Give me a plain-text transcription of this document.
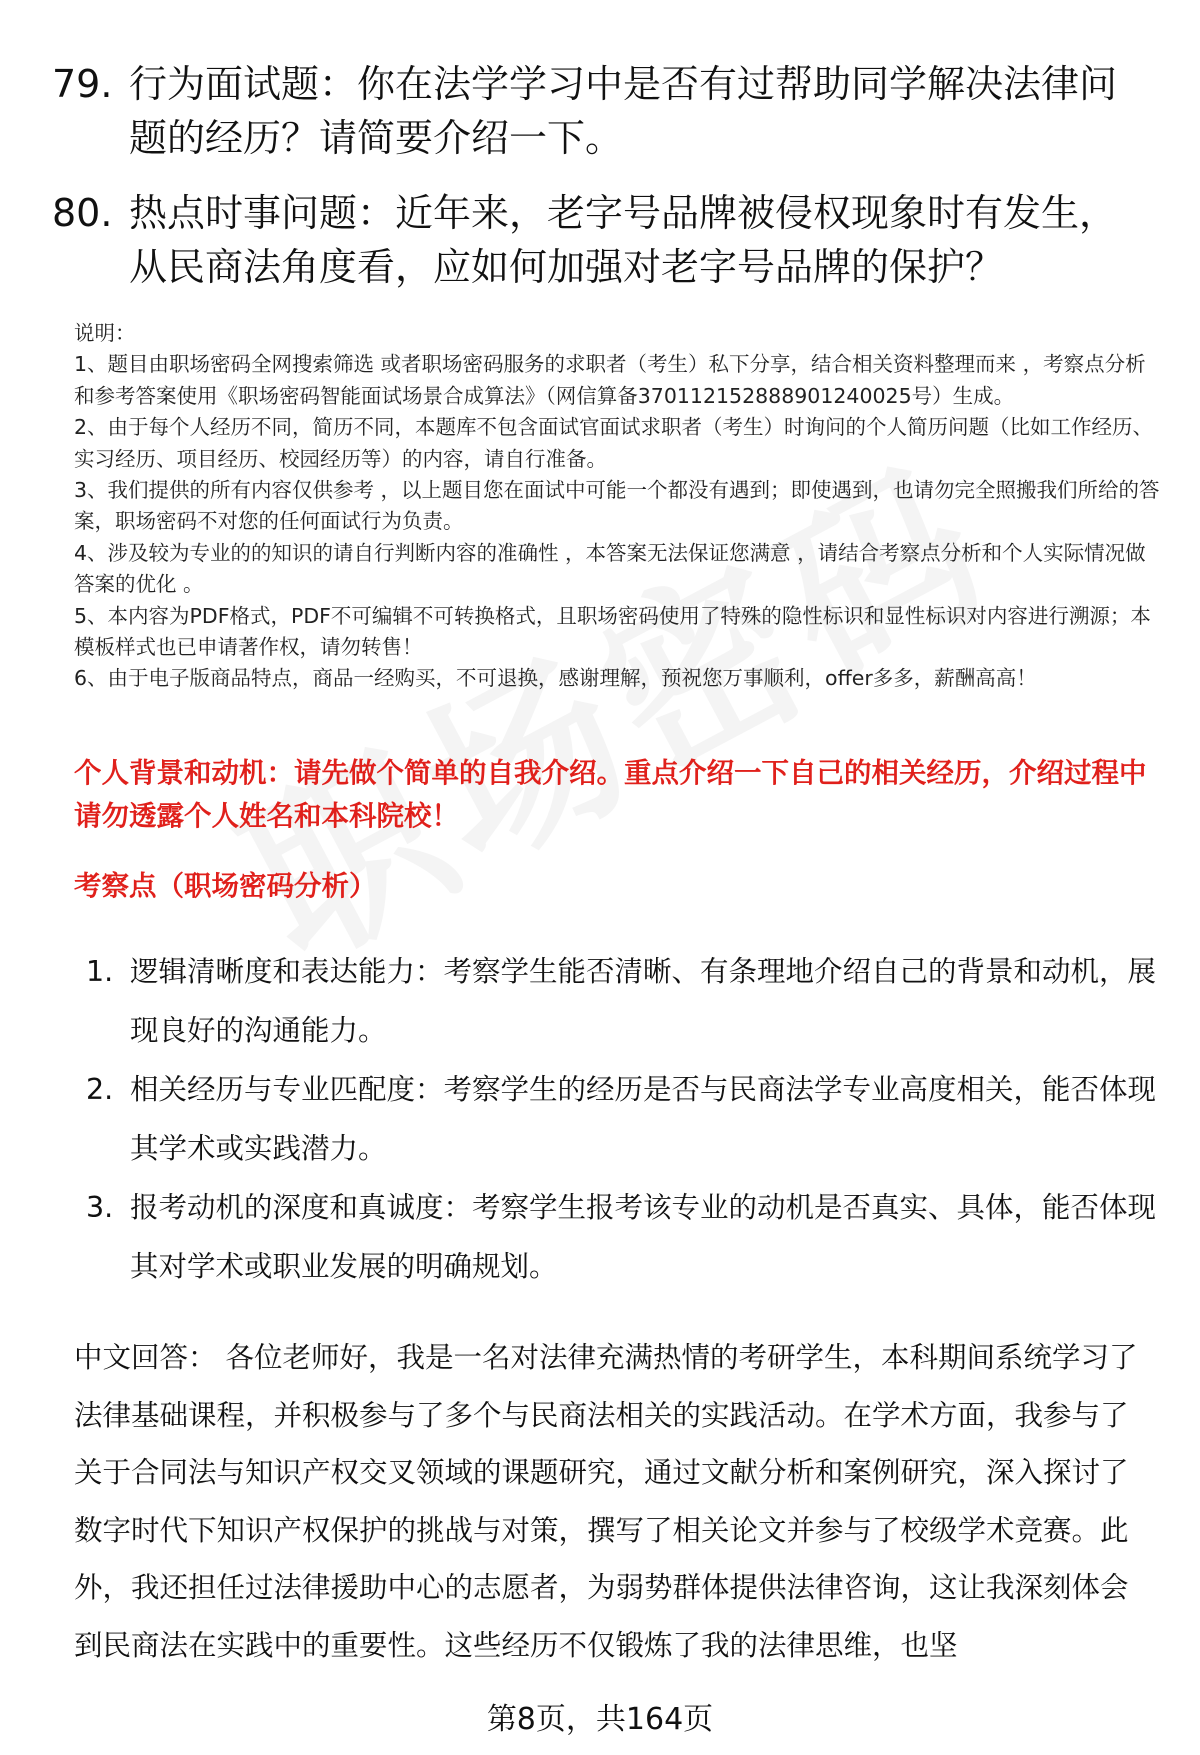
79. 行为面试题：你在法学学习中是否有过帮助同学解决法律问题的经历？请简要介绍一下。
80. 热点时事问题：近年来，老字号品牌被侵权现象时有发生，从民商法角度看，应如何加强对老字号品牌的保护？

说明：

1、题目由职场密码全网搜索筛选 或者职场密码服务的求职者（考生）私下分享，结合相关资料整理而来 ，考察点分析和参考答案使用《职场密码智能面试场景合成算法》（网信算备370112152888901240025号）生成。

2、由于每个人经历不同，简历不同，本题库不包含面试官面试求职者（考生）时询问的个人简历问题（比如工作经历、实习经历、项目经历、校园经历等）的内容，请自行准备。

3、我们提供的所有内容仅供参考 ，以上题目您在面试中可能一个都没有遇到；即使遇到，也请勿完全照搬我们所给的答案，职场密码不对您的任何面试行为负责。

4、涉及较为专业的的知识的请自行判断内容的准确性 ，本答案无法保证您满意 ，请结合考察点分析和个人实际情况做答案的优化 。

5、本内容为PDF格式，PDF不可编辑不可转换格式，且职场密码使用了特殊的隐性标识和显性标识对内容进行溯源；本模板样式也已申请著作权，请勿转售！

6、由于电子版商品特点，商品一经购买，不可退换，感谢理解，预祝您万事顺利，offer多多，薪酬高高！

个人背景和动机：请先做个简单的自我介绍。重点介绍一下自己的相关经历，介绍过程中请勿透露个人姓名和本科院校！
考察点（职场密码分析）
1. 逻辑清晰度和表达能力：考察学生能否清晰、有条理地介绍自己的背景和动机，展现良好的沟通能力。
2. 相关经历与专业匹配度：考察学生的经历是否与民商法学专业高度相关，能否体现其学术或实践潜力。
3. 报考动机的深度和真诚度：考察学生报考该专业的动机是否真实、具体，能否体现其对学术或职业发展的明确规划。
中文回答： 各位老师好，我是一名对法律充满热情的考研学生，本科期间系统学习了法律基础课程，并积极参与了多个与民商法相关的实践活动。在学术方面，我参与了关于合同法与知识产权交叉领域的课题研究，通过文献分析和案例研究，深入探讨了数字时代下知识产权保护的挑战与对策，撰写了相关论文并参与了校级学术竞赛。此外，我还担任过法律援助中心的志愿者，为弱势群体提供法律咨询，这让我深刻体会到民商法在实践中的重要性。这些经历不仅锻炼了我的法律思维，也坚
第8页，共164页
